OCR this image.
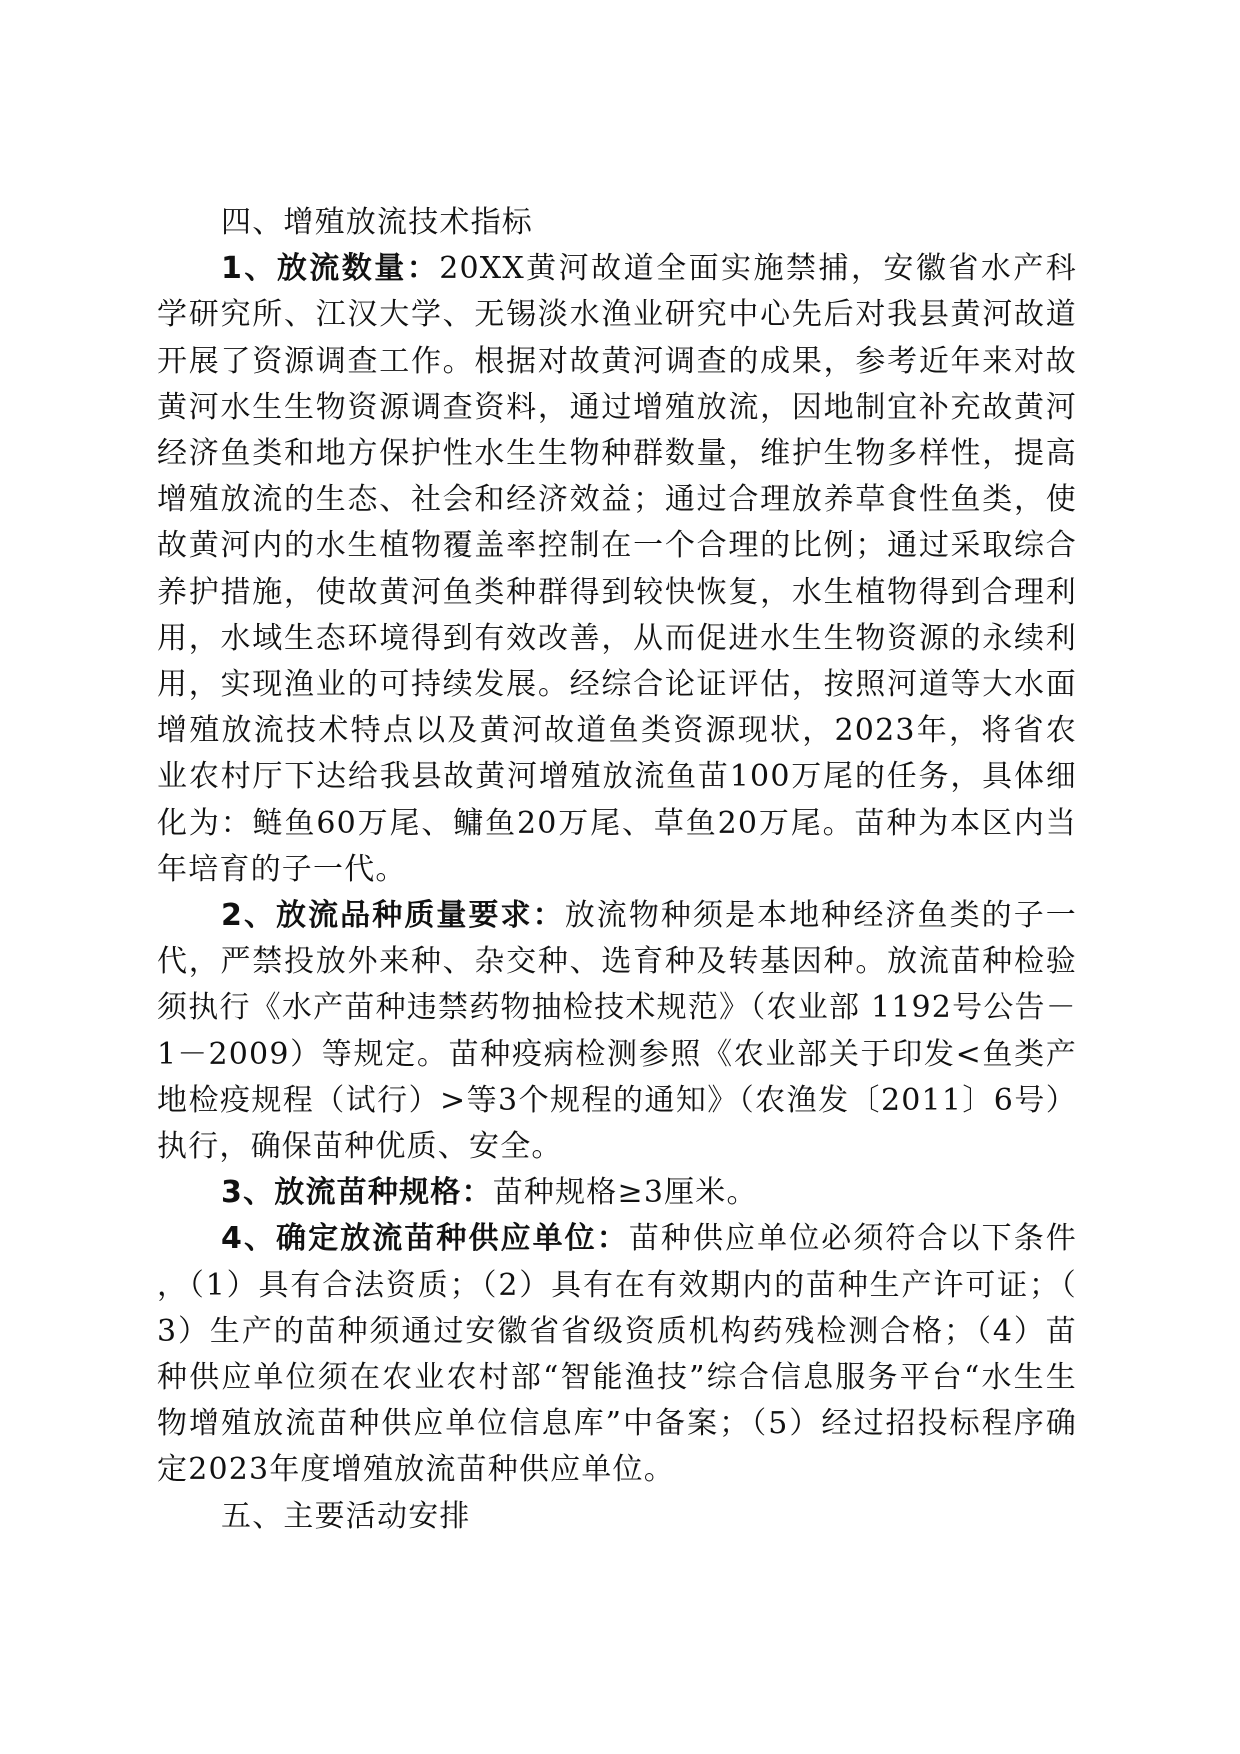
四、增殖放流技术指标

1、放流数量：20XX黄河故道全面实施禁捕，安徽省水产科学研究所、江汉大学、无锡淡水渔业研究中心先后对我县黄河故道开展了资源调查工作。根据对故黄河调查的成果，参考近年来对故黄河水生生物资源调查资料，通过增殖放流，因地制宜补充故黄河经济鱼类和地方保护性水生生物种群数量，维护生物多样性，提高增殖放流的生态、社会和经济效益；通过合理放养草食性鱼类，使故黄河内的水生植物覆盖率控制在一个合理的比例；通过采取综合养护措施，使故黄河鱼类种群得到较快恢复，水生植物得到合理利用，水域生态环境得到有效改善，从而促进水生生物资源的永续利用，实现渔业的可持续发展。经综合论证评估，按照河道等大水面增殖放流技术特点以及黄河故道鱼类资源现状，2023年，将省农业农村厅下达给我县故黄河增殖放流鱼苗100万尾的任务，具体细化为：鲢鱼60万尾、鳙鱼20万尾、草鱼20万尾。苗种为本区内当年培育的子一代。

2、放流品种质量要求：放流物种须是本地种经济鱼类的子一代，严禁投放外来种、杂交种、选育种及转基因种。放流苗种检验须执行《水产苗种违禁药物抽检技术规范》（农业部 1192号公告－1－2009）等规定。苗种疫病检测参照《农业部关于印发<鱼类产地检疫规程（试行）>等3个规程的通知》（农渔发〔2011〕6号）执行，确保苗种优质、安全。

3、放流苗种规格：苗种规格≥3厘米。

4、确定放流苗种供应单位：苗种供应单位必须符合以下条件，（1）具有合法资质；（2）具有在有效期内的苗种生产许可证；（3）生产的苗种须通过安徽省省级资质机构药残检测合格；（4）苗种供应单位须在农业农村部“智能渔技”综合信息服务平台“水生生物增殖放流苗种供应单位信息库”中备案；（5）经过招投标程序确定2023年度增殖放流苗种供应单位。

五、主要活动安排
